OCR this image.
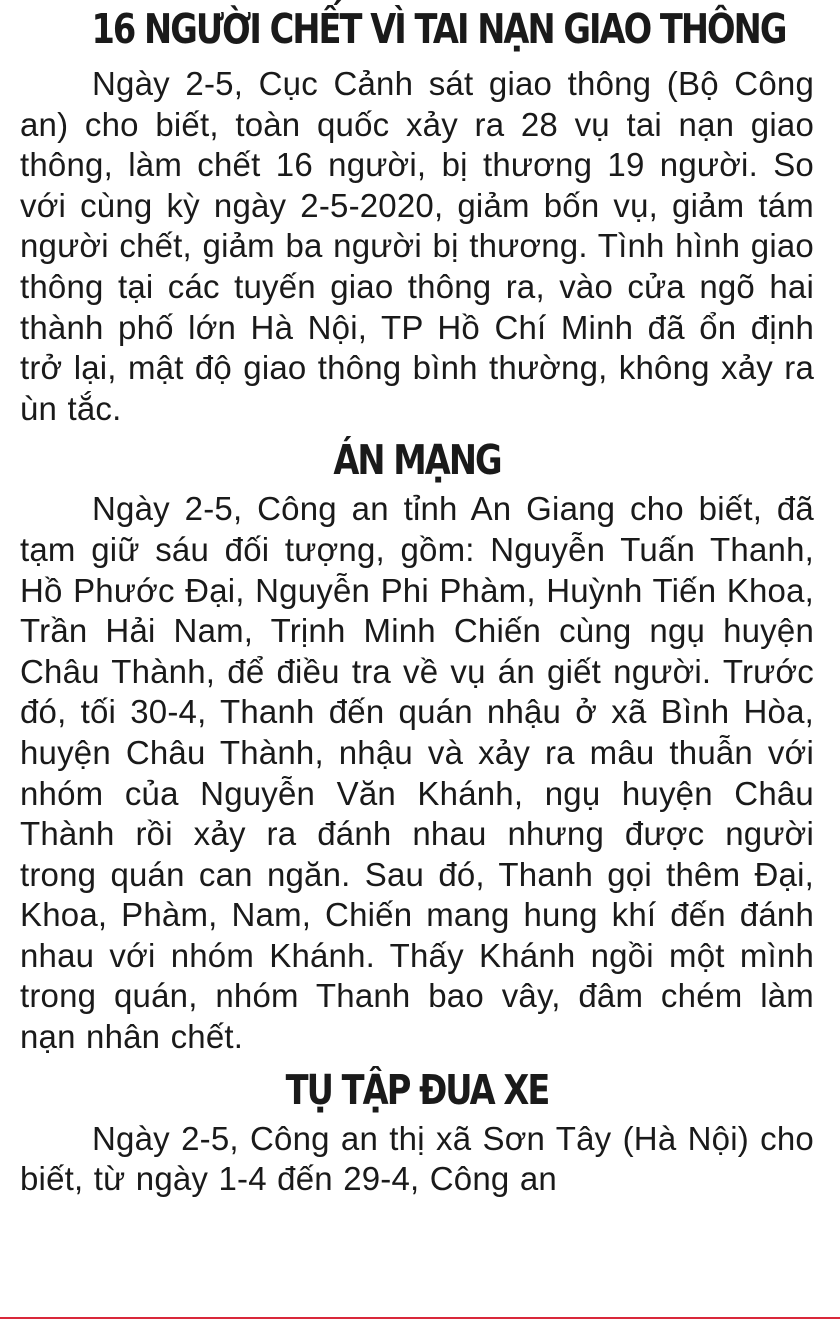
16 NGƯỜI CHẾT VÌ TAI NẠN GIAO THÔNG

Ngày 2-5, Cục Cảnh sát giao thông (Bộ Công an) cho biết, toàn quốc xảy ra 28 vụ tai nạn giao thông, làm chết 16 người, bị thương 19 người. So với cùng kỳ ngày 2-5-2020, giảm bốn vụ, giảm tám người chết, giảm ba người bị thương. Tình hình giao thông tại các tuyến giao thông ra, vào cửa ngõ hai thành phố lớn Hà Nội, TP Hồ Chí Minh đã ổn định trở lại, mật độ giao thông bình thường, không xảy ra ùn tắc.

ÁN MẠNG

Ngày 2-5, Công an tỉnh An Giang cho biết, đã tạm giữ sáu đối tượng, gồm: Nguyễn Tuấn Thanh, Hồ Phước Đại, Nguyễn Phi Phàm, Huỳnh Tiến Khoa, Trần Hải Nam, Trịnh Minh Chiến cùng ngụ huyện Châu Thành, để điều tra về vụ án giết người. Trước đó, tối 30-4, Thanh đến quán nhậu ở xã Bình Hòa, huyện Châu Thành, nhậu và xảy ra mâu thuẫn với nhóm của Nguyễn Văn Khánh, ngụ huyện Châu Thành rồi xảy ra đánh nhau nhưng được người trong quán can ngăn. Sau đó, Thanh gọi thêm Đại, Khoa, Phàm, Nam, Chiến mang hung khí đến đánh nhau với nhóm Khánh. Thấy Khánh ngồi một mình trong quán, nhóm Thanh bao vây, đâm chém làm nạn nhân chết.

TỤ TẬP ĐUA XE

Ngày 2-5, Công an thị xã Sơn Tây (Hà Nội) cho biết, từ ngày 1-4 đến 29-4, Công an
